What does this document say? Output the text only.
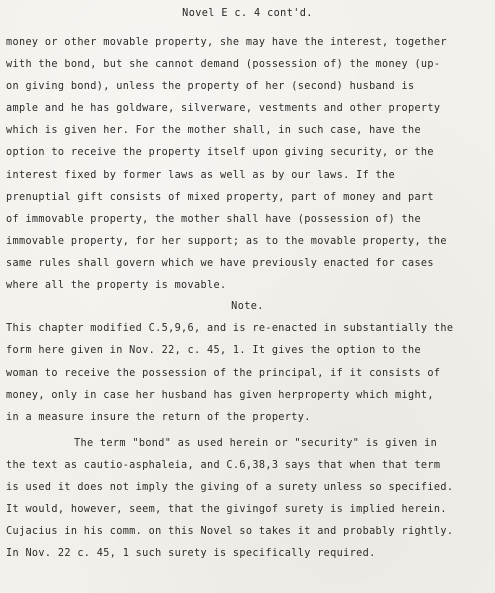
Novel E c. 4 cont'd.
money or other movable property, she may have the interest, together
with the bond, but she cannot demand (possession of) the money (up-
on giving bond), unless the property of her (second) husband is
ample and he has goldware, silverware, vestments and other property
which is given her. For the mother shall, in such case, have the
option to receive the property itself upon giving security, or the
interest fixed by former laws as well as by our laws. If the
prenuptial gift consists of mixed property, part of money and part
of immovable property, the mother shall have (possession of) the
immovable property, for her support; as to the movable property, the
same rules shall govern which we have previously enacted for cases
where all the property is movable.
Note.
This chapter modified C.5,9,6, and is re-enacted in substantially the
form here given in Nov. 22, c. 45, 1. It gives the option to the
woman to receive the possession of the principal, if it consists of
money, only in case her husband has given herproperty which might,
in a measure insure the return of the property.
The term "bond" as used herein or "security" is given in
the text as cautio-asphaleia, and C.6,38,3 says that when that term
is used it does not imply the giving of a surety unless so specified.
It would, however, seem, that the givingof surety is implied herein.
Cujacius in his comm. on this Novel so takes it and probably rightly.
In Nov. 22 c. 45, 1 such surety is specifically required.
